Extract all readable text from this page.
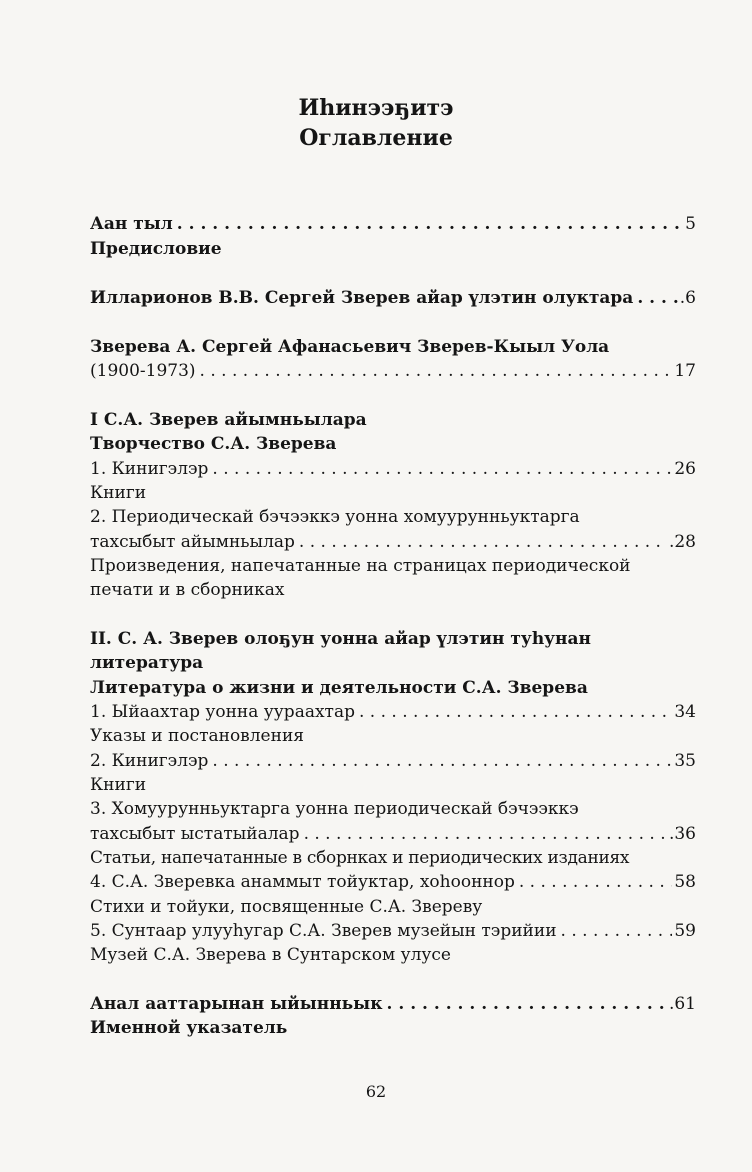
Иhинээҕитэ
Оглавление
Аан тыл . . .	5
Предисловие
Илларионов В.В. Сергей Зверев айар үлэтин олуктара . . .	.6
Зверева А. Сергей Афанасьевич Зверев-Кыыл Уола
(1900-1973) . . .	17
I С.А. Зверев айымньылара
Творчество С.А. Зверева
1. Кинигэлэр . . .	26
Книги
2. Периодическай бэчээккэ уонна хомуурунньуктарга
тахсыбыт айымньылар . . .	.28
Произведения, напечатанные на страницах периодической
печати и в сборниках
II. С. А. Зверев олоҕун уонна айар үлэтин туһунан
литература
Литература о жизни и деятельности С.А. Зверева
1. Ыйаахтар уонна уураахтар . . .	34
Указы и постановления
2. Кинигэлэр . . .	35
Книги
3. Хомуурунньуктарга уонна периодическай бэчээккэ
тахсыбыт ыстатыйалар . . .	.36
Статьи, напечатанные в сборнках и периодических изданиях
4. С.А. Зверевка анаммыт тойуктар, хоhооннор . . .	58
Стихи и тойуки, посвященные С.А. Звереву
5. Сунтаар улууһугар С.А. Зверев музейын тэрийии . . .	59
Музей С.А. Зверева в Сунтарском улусе
Анал ааттарынан ыйынньык . . .	.61
Именной указатель
62
